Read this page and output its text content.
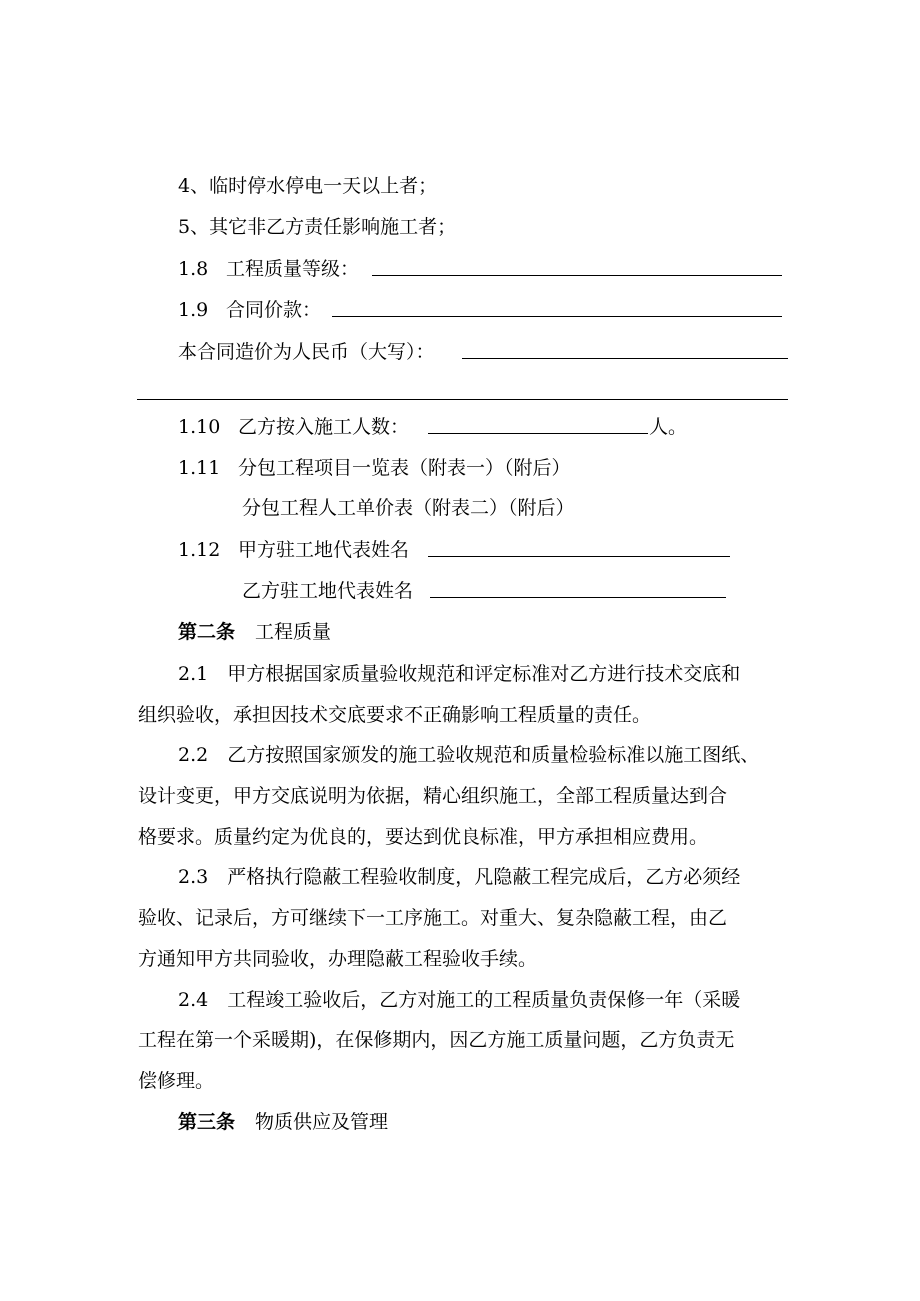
4、临时停水停电一天以上者；
5、其它非乙方责任影响施工者；
1.8 工程质量等级：
1.9 合同价款：
本合同造价为人民币（大写）：
1.10 乙方按入施工人数：	人。
1.11 分包工程项目一览表（附表一）（附后）
分包工程人工单价表（附表二）（附后）
1.12 甲方驻工地代表姓名
乙方驻工地代表姓名
第二条 工程质量
2.1　甲方根据国家质量验收规范和评定标准对乙方进行技术交底和
组织验收，承担因技术交底要求不正确影响工程质量的责任。
2.2　乙方按照国家颁发的施工验收规范和质量检验标准以施工图纸、
设计变更，甲方交底说明为依据，精心组织施工，全部工程质量达到合
格要求。质量约定为优良的，要达到优良标准，甲方承担相应费用。
2.3　严格执行隐蔽工程验收制度，凡隐蔽工程完成后，乙方必须经
验收、记录后，方可继续下一工序施工。对重大、复杂隐蔽工程，由乙
方通知甲方共同验收，办理隐蔽工程验收手续。
2.4　工程竣工验收后，乙方对施工的工程质量负责保修一年（采暖
工程在第一个采暖期)，在保修期内，因乙方施工质量问题，乙方负责无
偿修理。
第三条 物质供应及管理
